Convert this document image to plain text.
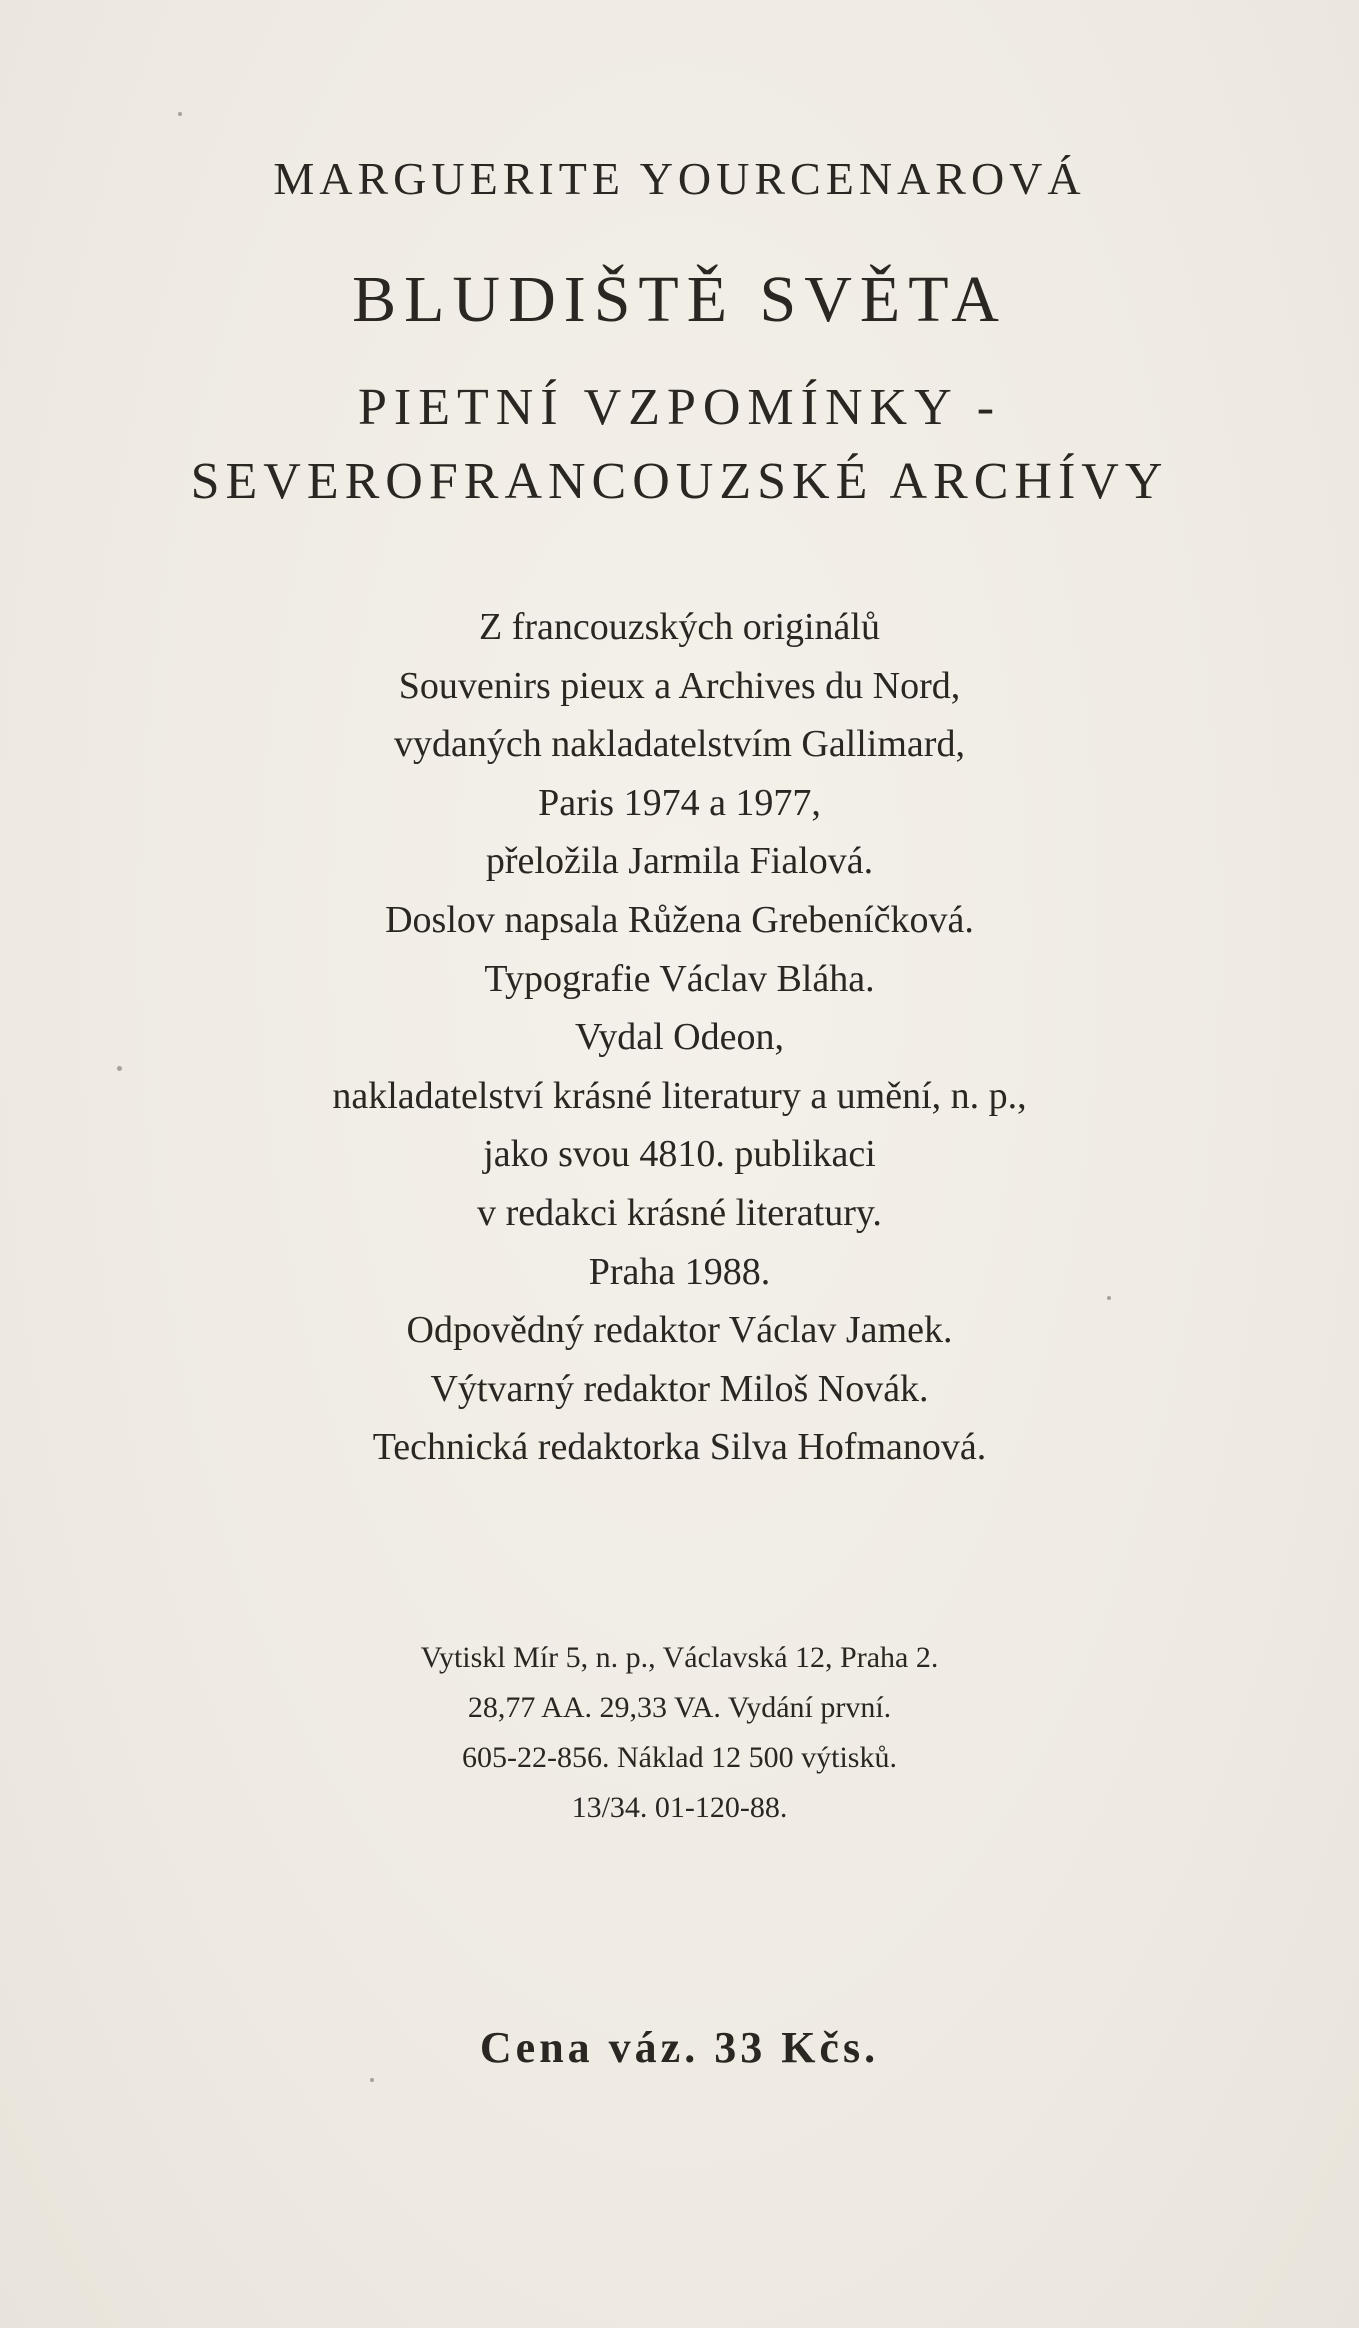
MARGUERITE YOURCENAROVÁ
BLUDIŠTĚ SVĚTA
PIETNÍ VZPOMÍNKY -
SEVEROFRANCOUZSKÉ ARCHÍVY
Z francouzských originálů
Souvenirs pieux a Archives du Nord,
vydaných nakladatelstvím Gallimard,
Paris 1974 a 1977,
přeložila Jarmila Fialová.
Doslov napsala Růžena Grebeníčková.
Typografie Václav Bláha.
Vydal Odeon,
nakladatelství krásné literatury a umění, n. p.,
jako svou 4810. publikaci
v redakci krásné literatury.
Praha 1988.
Odpovědný redaktor Václav Jamek.
Výtvarný redaktor Miloš Novák.
Technická redaktorka Silva Hofmanová.
Vytiskl Mír 5, n. p., Václavská 12, Praha 2.
28,77 AA. 29,33 VA. Vydání první.
605-22-856. Náklad 12 500 výtisků.
13/34. 01-120-88.
Cena váz. 33 Kčs.
